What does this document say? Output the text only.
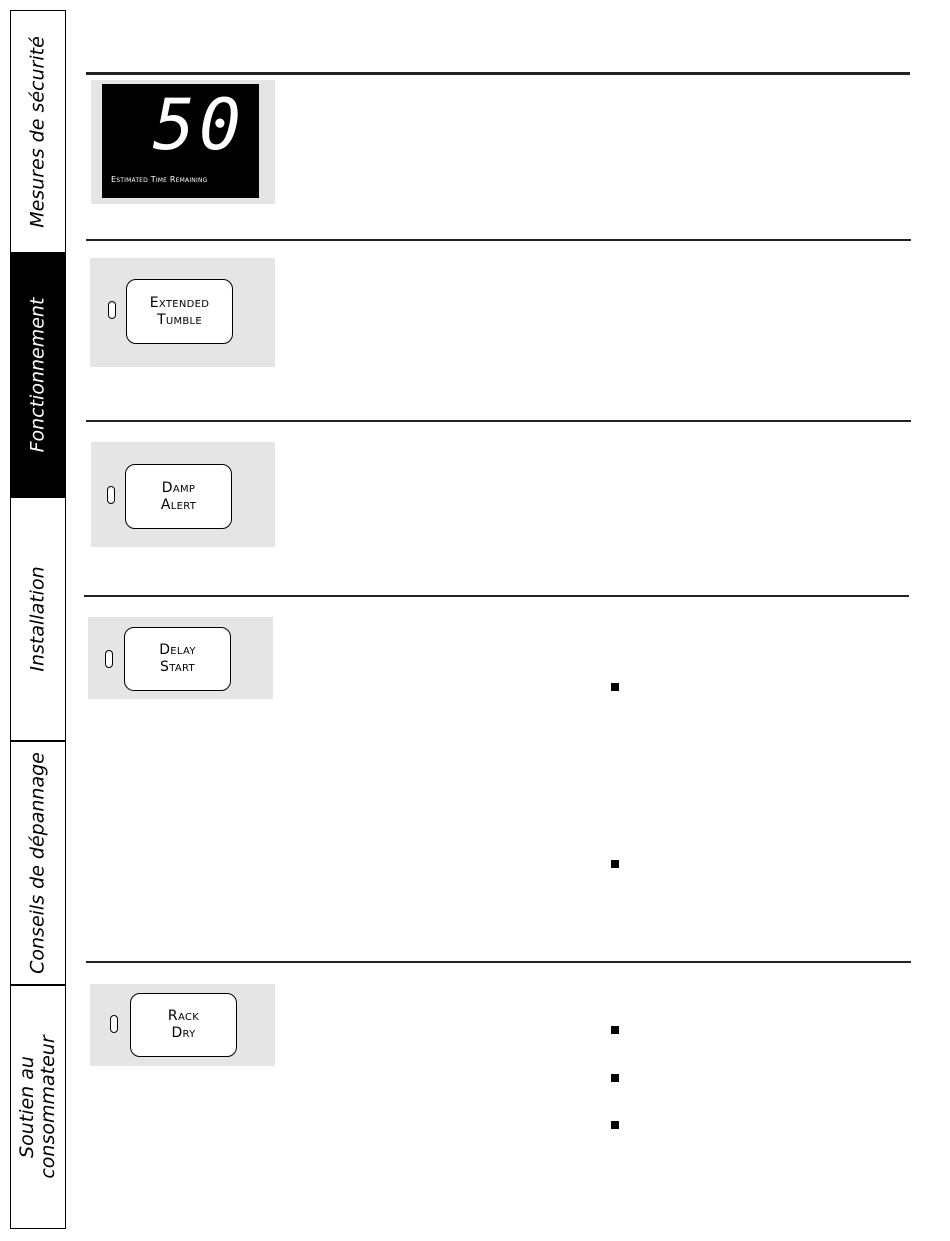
Mesures de sécurité
Fonctionnement
Installation
Conseils de dépannage
Soutien au
consommateur
50
Estimated Time Remaining
Extended
Tumble
Damp
Alert
Delay
Start
Rack
Dry
